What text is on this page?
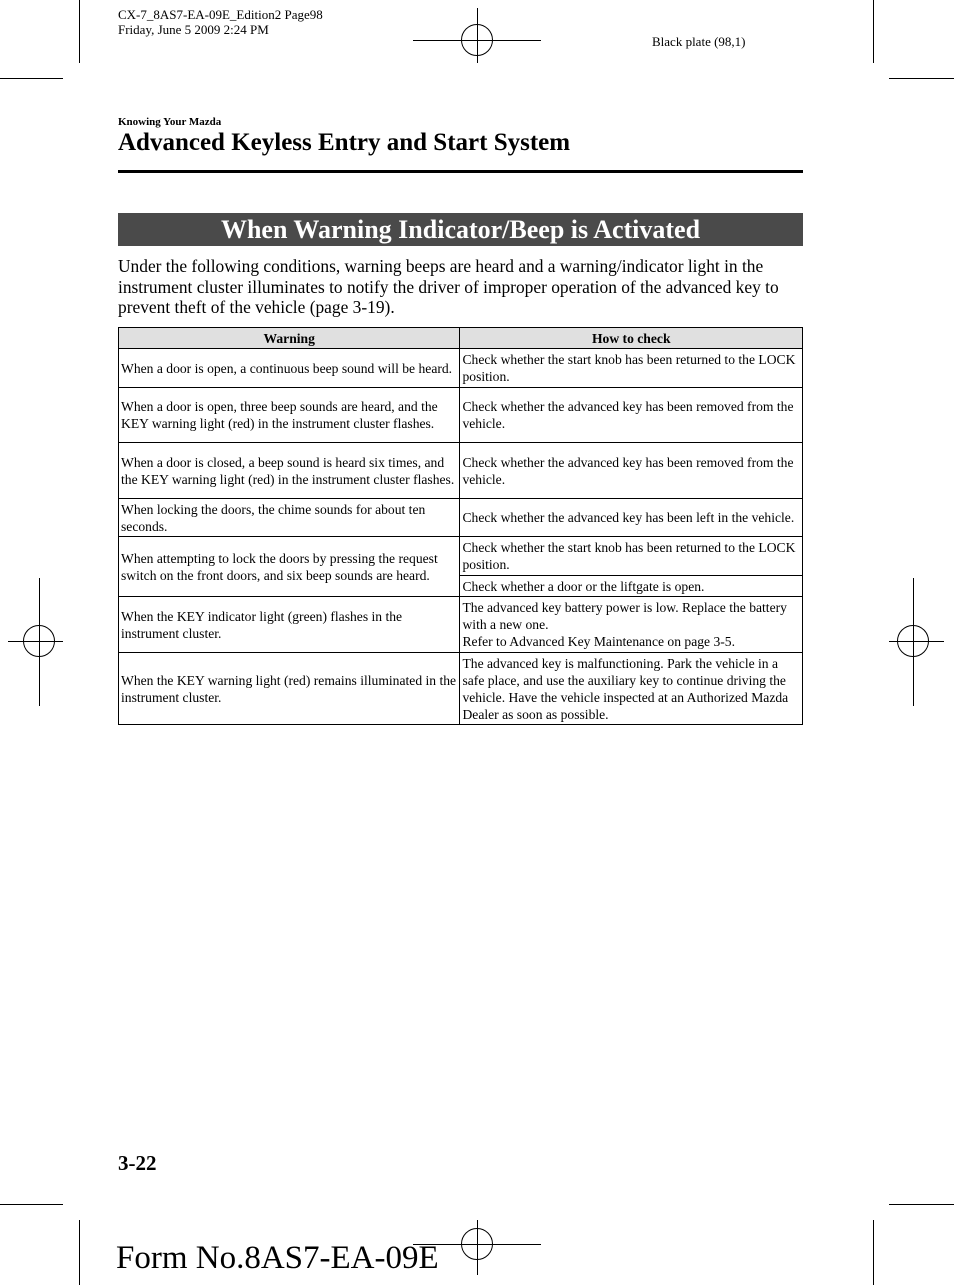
CX-7_8AS7-EA-09E_Edition2 Page98
Friday, June 5 2009 2:24 PM
Black plate (98,1)
Knowing Your Mazda
Advanced Keyless Entry and Start System
When Warning Indicator/Beep is Activated
Under the following conditions, warning beeps are heard and a warning/indicator light in the instrument cluster illuminates to notify the driver of improper operation of the advanced key to prevent theft of the vehicle (page 3-19).
Warning	How to check
When a door is open, a continuous beep sound will be heard.	Check whether the start knob has been returned to the LOCK position.
When a door is open, three beep sounds are heard, and the KEY warning light (red) in the instrument cluster flashes.	Check whether the advanced key has been removed from the vehicle.
When a door is closed, a beep sound is heard six times, and the KEY warning light (red) in the instrument cluster flashes.	Check whether the advanced key has been removed from the vehicle.
When locking the doors, the chime sounds for about ten seconds.	Check whether the advanced key has been left in the vehicle.
When attempting to lock the doors by pressing the request switch on the front doors, and six beep sounds are heard.	Check whether the start knob has been returned to the LOCK position.
	Check whether a door or the liftgate is open.
When the KEY indicator light (green) flashes in the instrument cluster.	The advanced key battery power is low. Replace the battery with a new one.
Refer to Advanced Key Maintenance on page 3-5.

When the KEY warning light (red) remains illuminated in the instrument cluster.	The advanced key is malfunctioning. Park the vehicle in a safe place, and use the auxiliary key to continue driving the vehicle. Have the vehicle inspected at an Authorized Mazda Dealer as soon as possible.
3-22
Form No.8AS7-EA-09E
